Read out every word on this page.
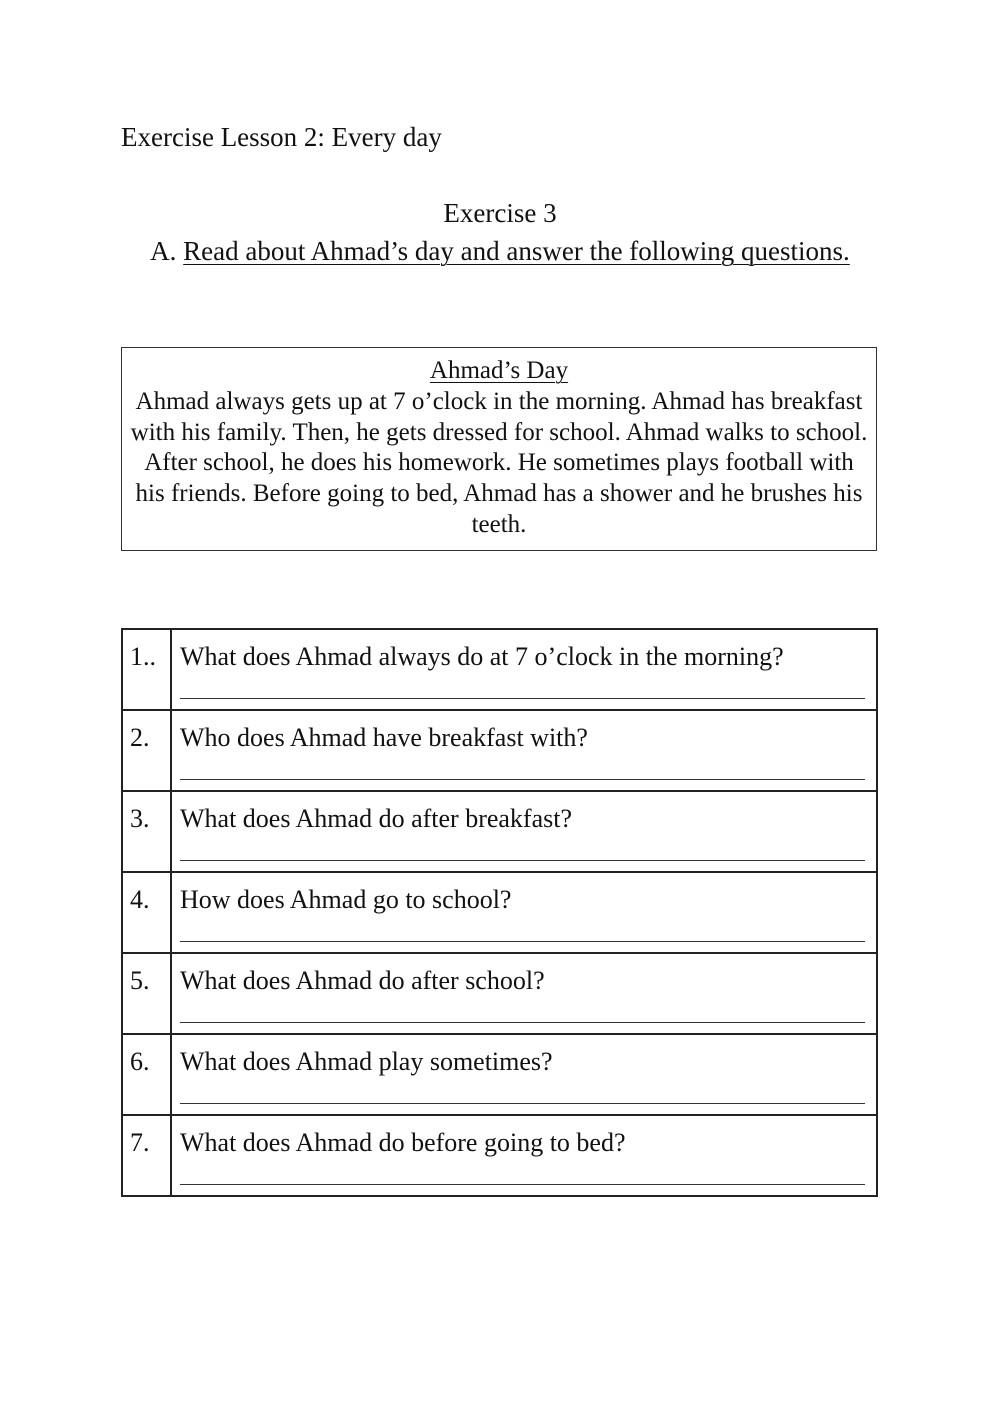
Exercise Lesson 2: Every day
Exercise 3
A. Read about Ahmad’s day and answer the following questions.
Ahmad’s Day
Ahmad always gets up at 7 o’clock in the morning. Ahmad has breakfast with his family. Then, he gets dressed for school. Ahmad walks to school. After school, he does his homework. He sometimes plays football with his friends. Before going to bed, Ahmad has a shower and he brushes his teeth.
1..	What does Ahmad always do at 7 o’clock in the morning?

2.	Who does Ahmad have breakfast with?

3.	What does Ahmad do after breakfast?

4.	How does Ahmad go to school?

5.	What does Ahmad do after school?

6.	What does Ahmad play sometimes?

7.	What does Ahmad do before going to bed?
